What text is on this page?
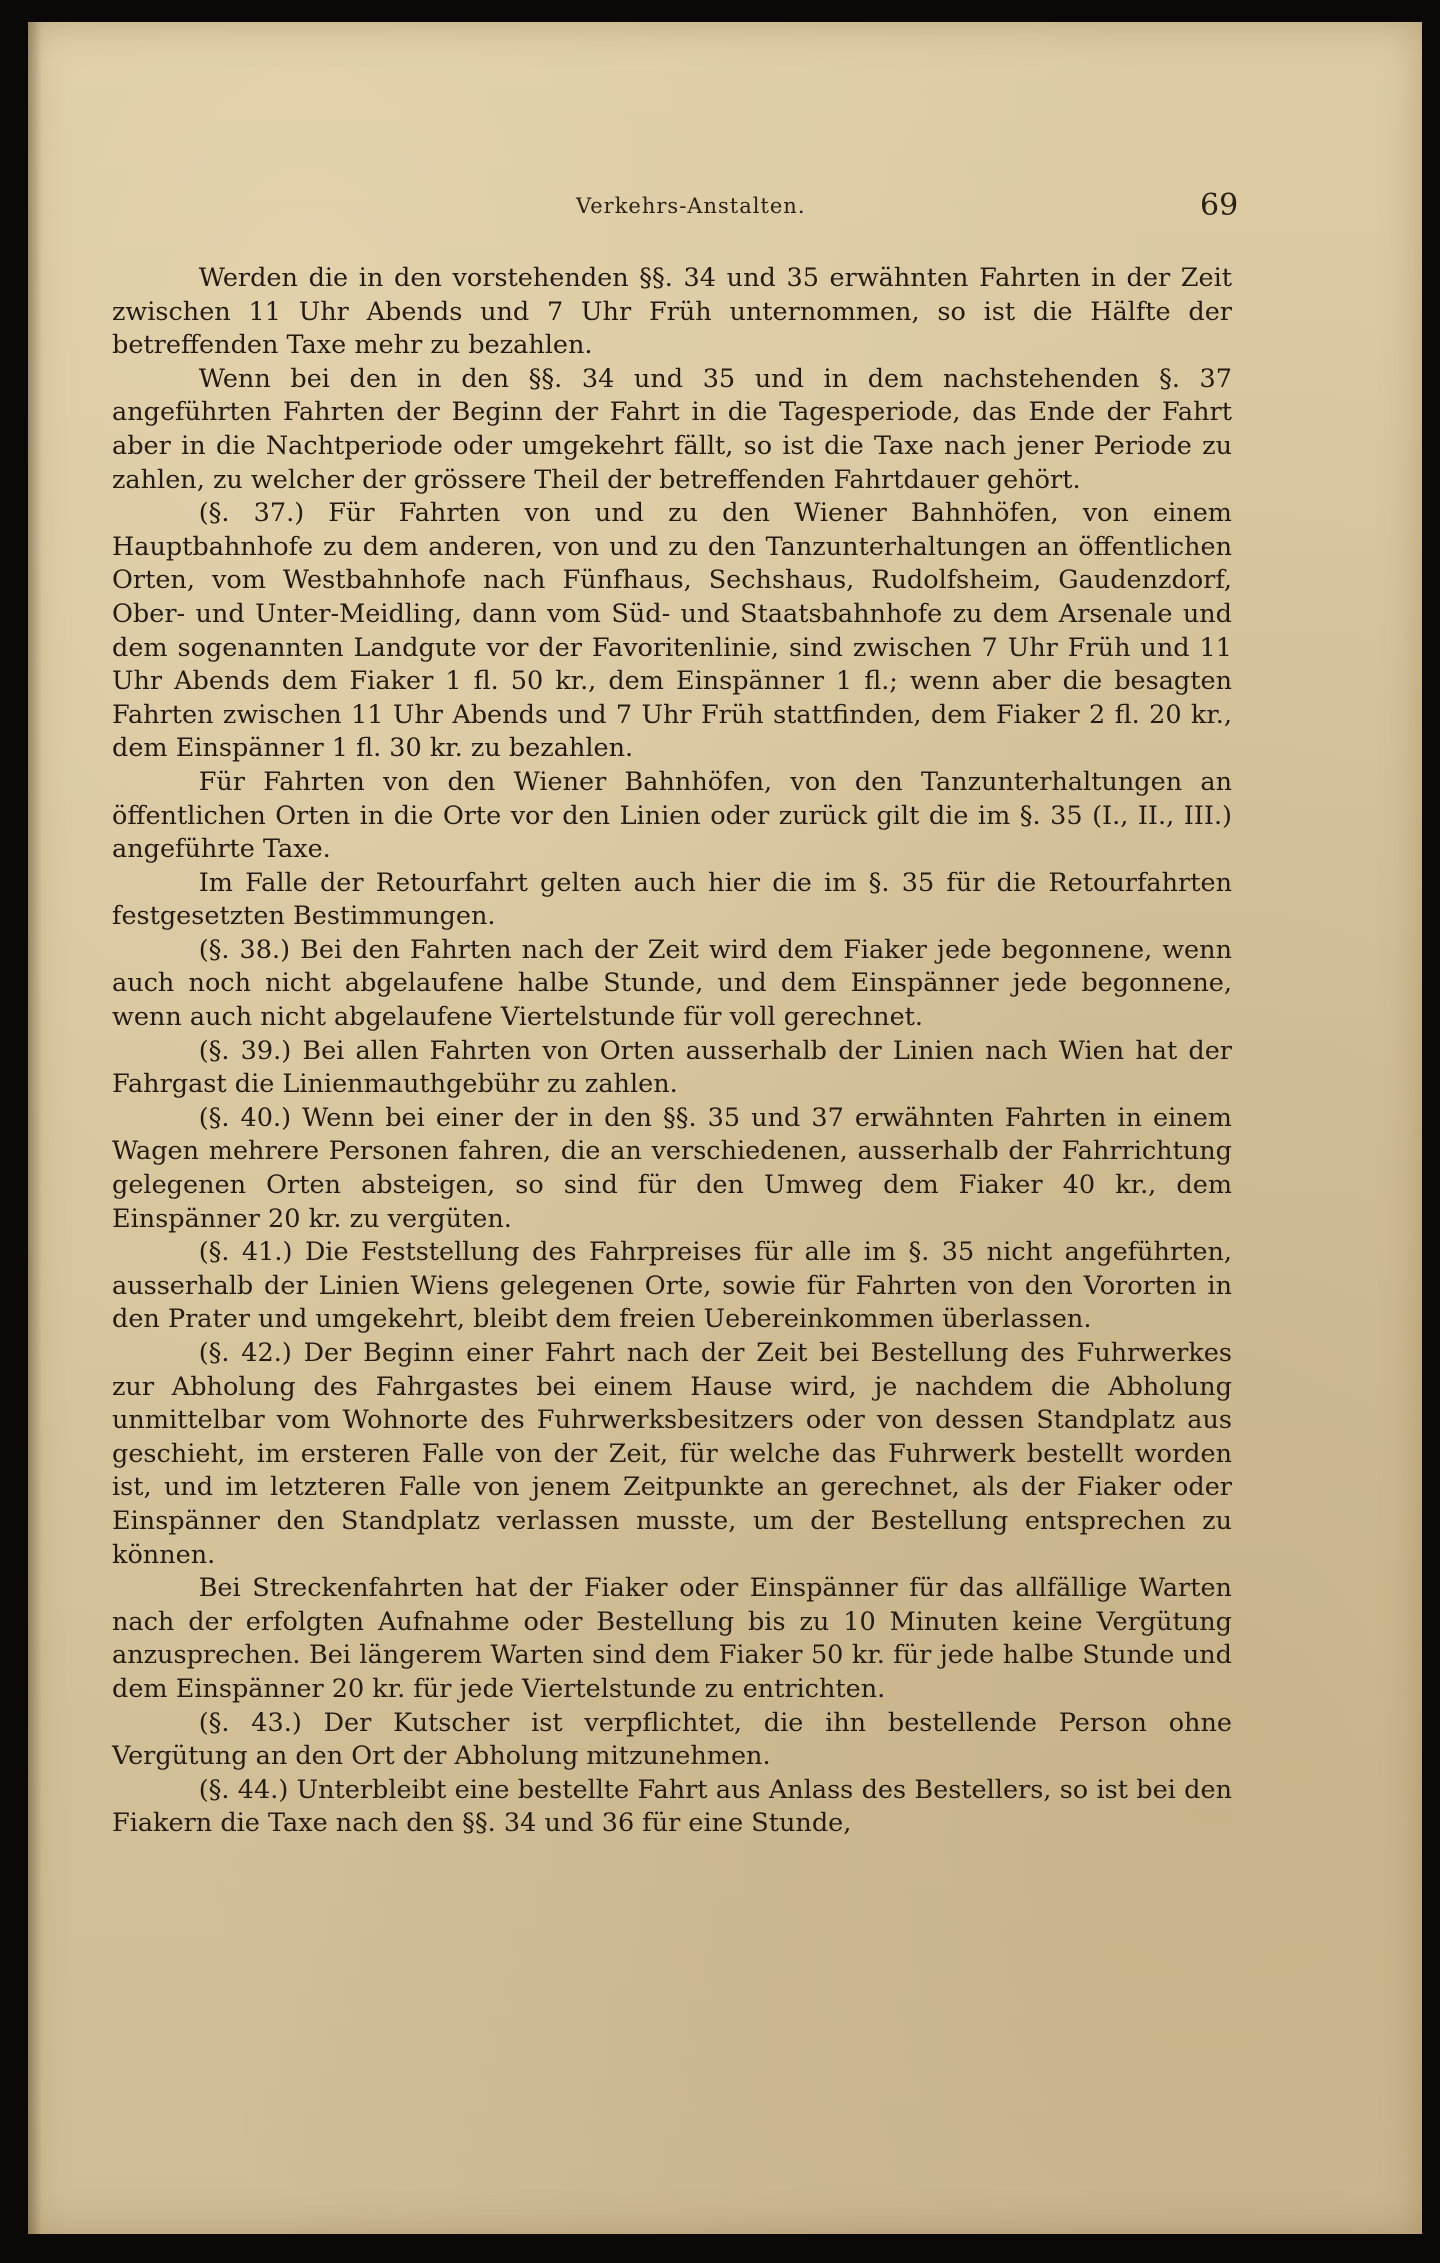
Verkehrs-Anstalten.	69

Werden die in den vorstehenden §§. 34 und 35 erwähnten Fahrten in der Zeit zwischen 11 Uhr Abends und 7 Uhr Früh unternommen, so ist die Hälfte der betreffenden Taxe mehr zu bezahlen.

Wenn bei den in den §§. 34 und 35 und in dem nachstehenden §. 37 angeführten Fahrten der Beginn der Fahrt in die Tagesperiode, das Ende der Fahrt aber in die Nachtperiode oder umgekehrt fällt, so ist die Taxe nach jener Periode zu zahlen, zu welcher der grössere Theil der betreffenden Fahrtdauer gehört.

(§. 37.) Für Fahrten von und zu den Wiener Bahnhöfen, von einem Hauptbahnhofe zu dem anderen, von und zu den Tanzunterhaltungen an öffentlichen Orten, vom Westbahnhofe nach Fünfhaus, Sechshaus, Rudolfsheim, Gaudenzdorf, Ober- und Unter-Meidling, dann vom Süd- und Staatsbahnhofe zu dem Arsenale und dem sogenannten Landgute vor der Favoritenlinie, sind zwischen 7 Uhr Früh und 11 Uhr Abends dem Fiaker 1 fl. 50 kr., dem Einspänner 1 fl.; wenn aber die besagten Fahrten zwischen 11 Uhr Abends und 7 Uhr Früh stattfinden, dem Fiaker 2 fl. 20 kr., dem Einspänner 1 fl. 30 kr. zu bezahlen.

Für Fahrten von den Wiener Bahnhöfen, von den Tanzunterhaltungen an öffentlichen Orten in die Orte vor den Linien oder zurück gilt die im §. 35 (I., II., III.) angeführte Taxe.

Im Falle der Retourfahrt gelten auch hier die im §. 35 für die Retourfahrten festgesetzten Bestimmungen.

(§. 38.) Bei den Fahrten nach der Zeit wird dem Fiaker jede begonnene, wenn auch noch nicht abgelaufene halbe Stunde, und dem Einspänner jede begonnene, wenn auch nicht abgelaufene Viertelstunde für voll gerechnet.

(§. 39.) Bei allen Fahrten von Orten ausserhalb der Linien nach Wien hat der Fahrgast die Linienmauthgebühr zu zahlen.

(§. 40.) Wenn bei einer der in den §§. 35 und 37 erwähnten Fahrten in einem Wagen mehrere Personen fahren, die an verschiedenen, ausserhalb der Fahrrichtung gelegenen Orten absteigen, so sind für den Umweg dem Fiaker 40 kr., dem Einspänner 20 kr. zu vergüten.

(§. 41.) Die Feststellung des Fahrpreises für alle im §. 35 nicht angeführten, ausserhalb der Linien Wiens gelegenen Orte, sowie für Fahrten von den Vororten in den Prater und umgekehrt, bleibt dem freien Uebereinkommen überlassen.

(§. 42.) Der Beginn einer Fahrt nach der Zeit bei Bestellung des Fuhrwerkes zur Abholung des Fahrgastes bei einem Hause wird, je nachdem die Abholung unmittelbar vom Wohnorte des Fuhrwerksbesitzers oder von dessen Standplatz aus geschieht, im ersteren Falle von der Zeit, für welche das Fuhrwerk bestellt worden ist, und im letzteren Falle von jenem Zeitpunkte an gerechnet, als der Fiaker oder Einspänner den Standplatz verlassen musste, um der Bestellung entsprechen zu können.

Bei Streckenfahrten hat der Fiaker oder Einspänner für das allfällige Warten nach der erfolgten Aufnahme oder Bestellung bis zu 10 Minuten keine Vergütung anzusprechen. Bei längerem Warten sind dem Fiaker 50 kr. für jede halbe Stunde und dem Einspänner 20 kr. für jede Viertelstunde zu entrichten.

(§. 43.) Der Kutscher ist verpflichtet, die ihn bestellende Person ohne Vergütung an den Ort der Abholung mitzunehmen.

(§. 44.) Unterbleibt eine bestellte Fahrt aus Anlass des Bestellers, so ist bei den Fiakern die Taxe nach den §§. 34 und 36 für eine Stunde,
